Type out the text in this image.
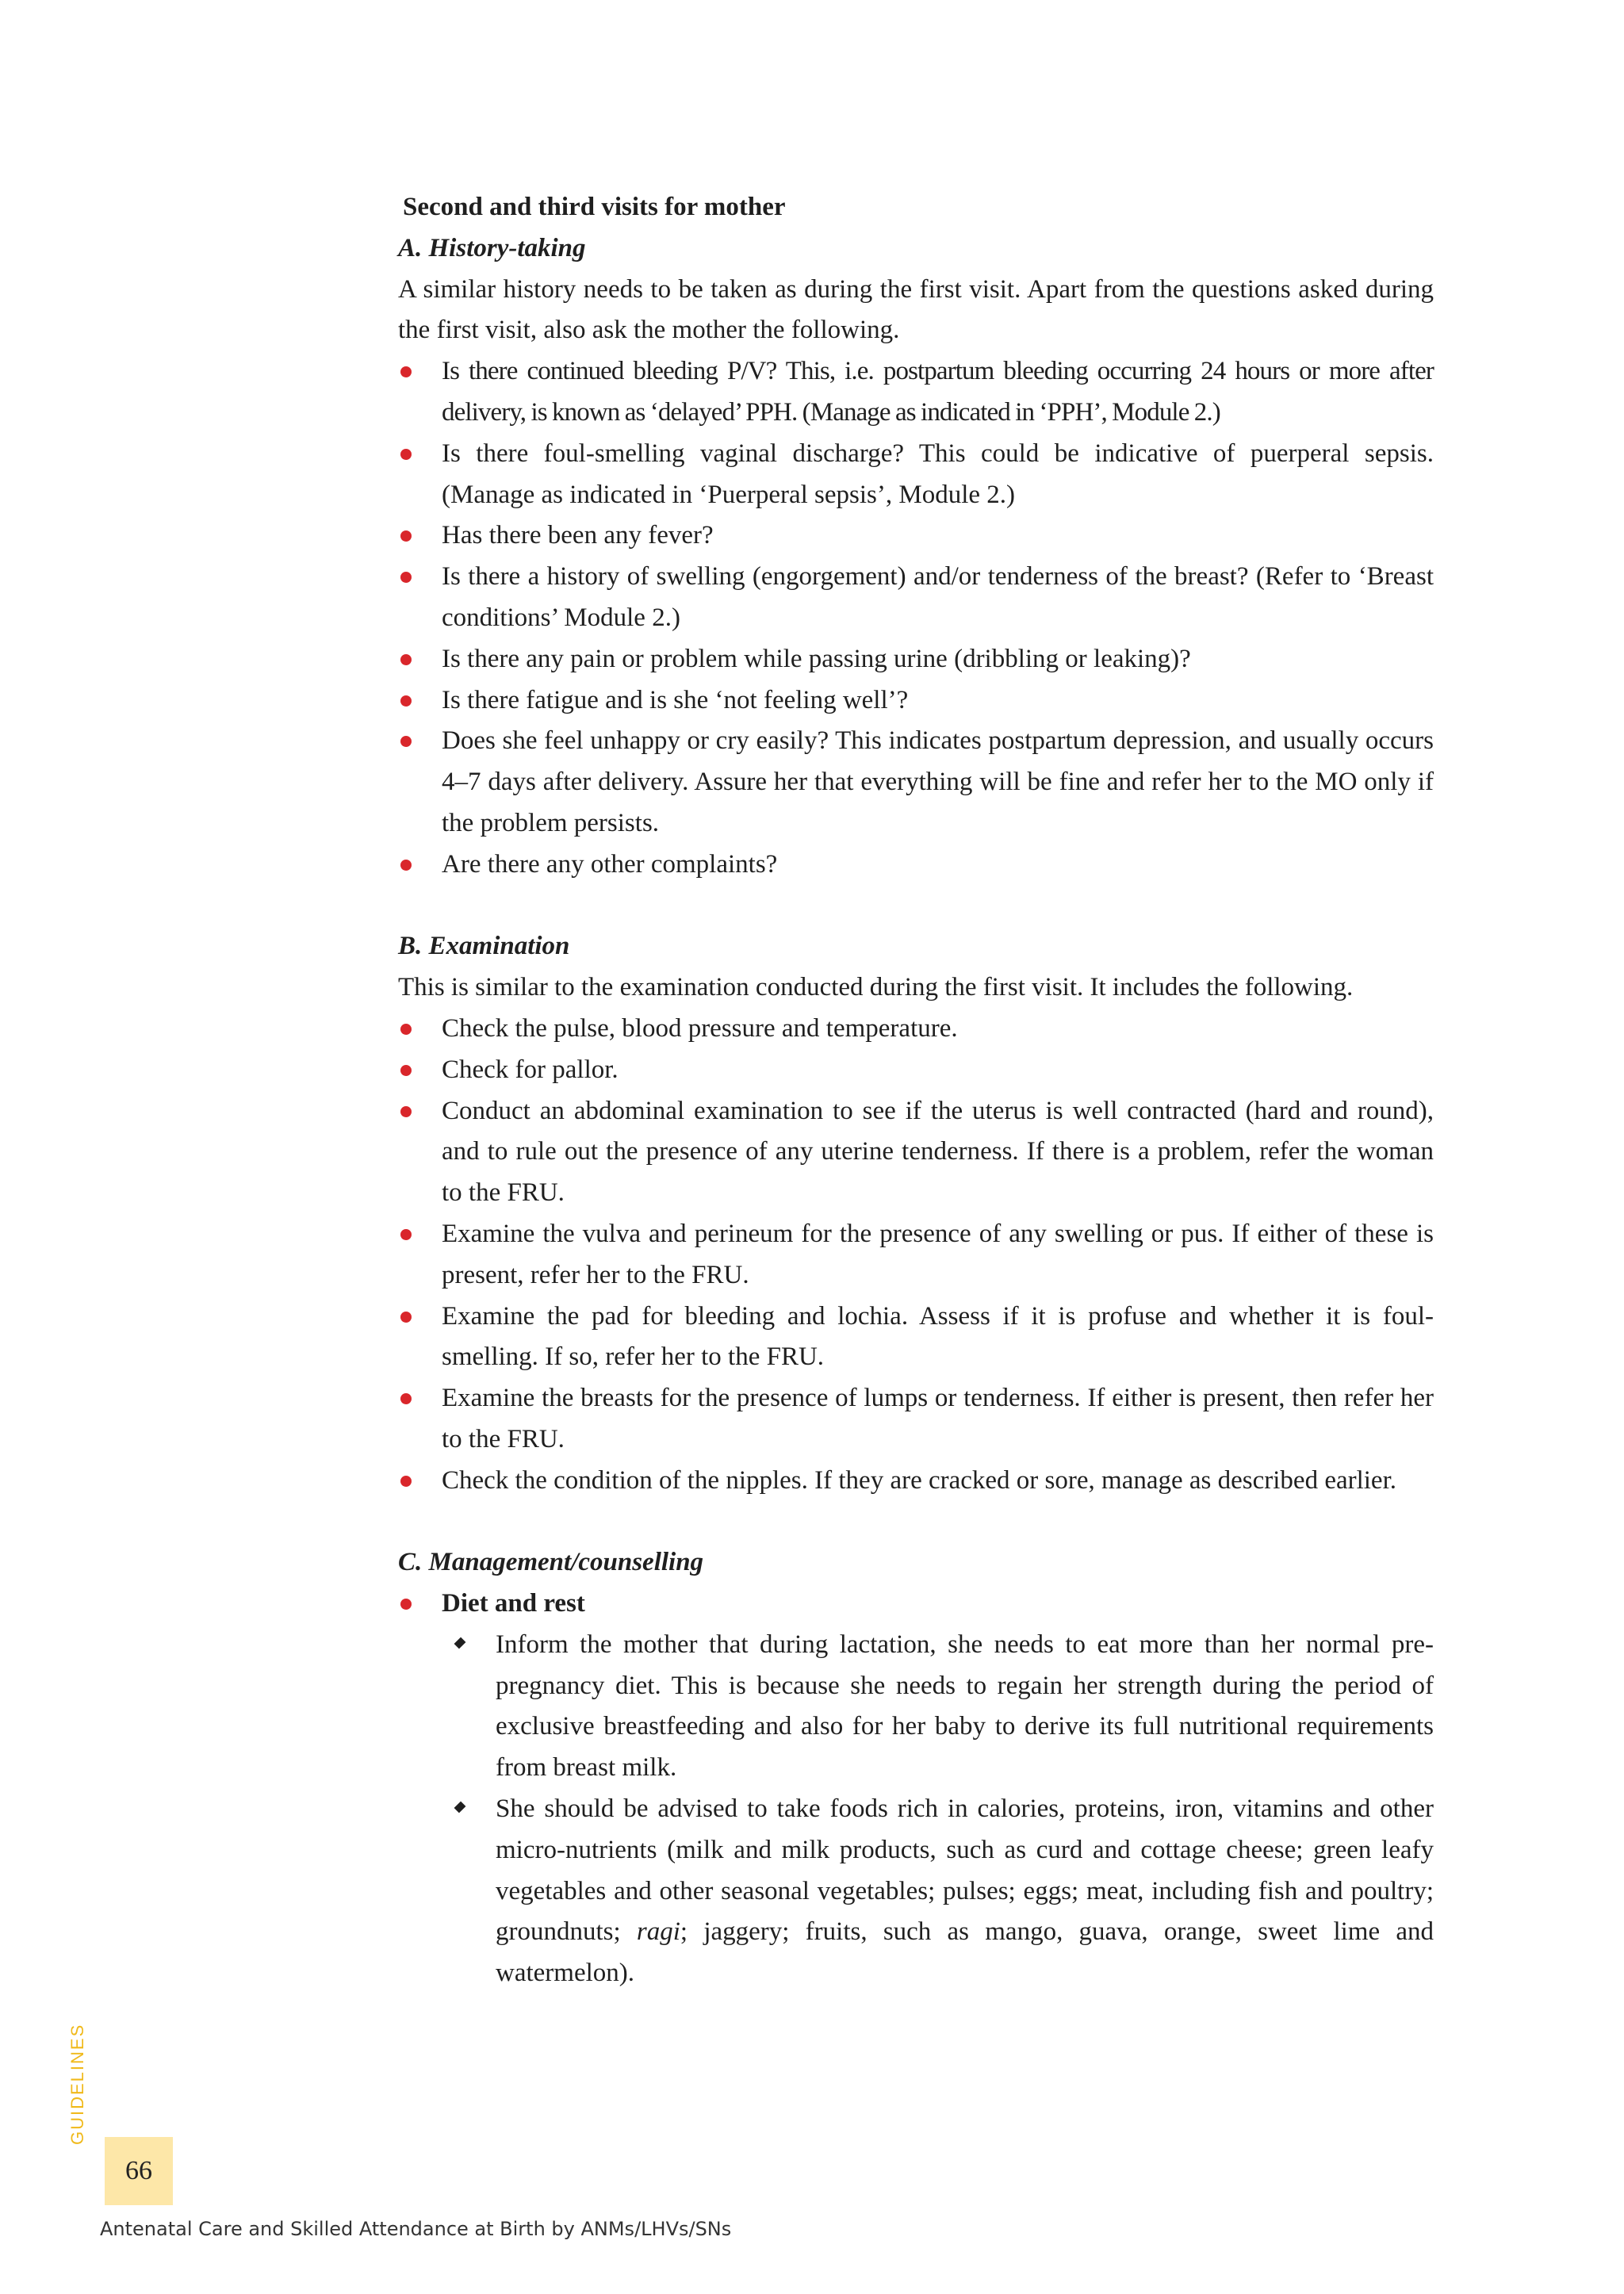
Second and third visits for mother

A. History-taking

A similar history needs to be taken as during the first visit. Apart from the questions asked during the first visit, also ask the mother the following.

Is there continued bleeding P/V? This, i.e. postpartum bleeding occurring 24 hours or more after delivery, is known as ‘delayed’ PPH. (Manage as indicated in ‘PPH’, Module 2.)
Is there foul-smelling vaginal discharge? This could be indicative of puerperal sepsis. (Manage as indicated in ‘Puerperal sepsis’, Module 2.)
Has there been any fever?
Is there a history of swelling (engorgement) and/or tenderness of the breast? (Refer to ‘Breast conditions’ Module 2.)
Is there any pain or problem while passing urine (dribbling or leaking)?
Is there fatigue and is she ‘not feeling well’?
Does she feel unhappy or cry easily? This indicates postpartum depression, and usually occurs 4–7 days after delivery. Assure her that everything will be fine and refer her to the MO only if the problem persists.
Are there any other complaints?

B. Examination

This is similar to the examination conducted during the first visit. It includes the following.

Check the pulse, blood pressure and temperature.
Check for pallor.
Conduct an abdominal examination to see if the uterus is well contracted (hard and round), and to rule out the presence of any uterine tenderness. If there is a problem, refer the woman to the FRU.
Examine the vulva and perineum for the presence of any swelling or pus. If either of these is present, refer her to the FRU.
Examine the pad for bleeding and lochia. Assess if it is profuse and whether it is foul-smelling. If so, refer her to the FRU.
Examine the breasts for the presence of lumps or tenderness. If either is present, then refer her to the FRU.
Check the condition of the nipples. If they are cracked or sore, manage as described earlier.

C. Management/counselling

Diet and rest
Inform the mother that during lactation, she needs to eat more than her normal pre-pregnancy diet. This is because she needs to regain her strength during the period of exclusive breastfeeding and also for her baby to derive its full nutritional requirements from breast milk.
She should be advised to take foods rich in calories, proteins, iron, vitamins and other micro-nutrients (milk and milk products, such as curd and cottage cheese; green leafy vegetables and other seasonal vegetables; pulses; eggs; meat, including fish and poultry; groundnuts; ragi; jaggery; fruits, such as mango, guava, orange, sweet lime and watermelon).
GUIDELINES
66
Antenatal Care and Skilled Attendance at Birth by ANMs/LHVs/SNs
